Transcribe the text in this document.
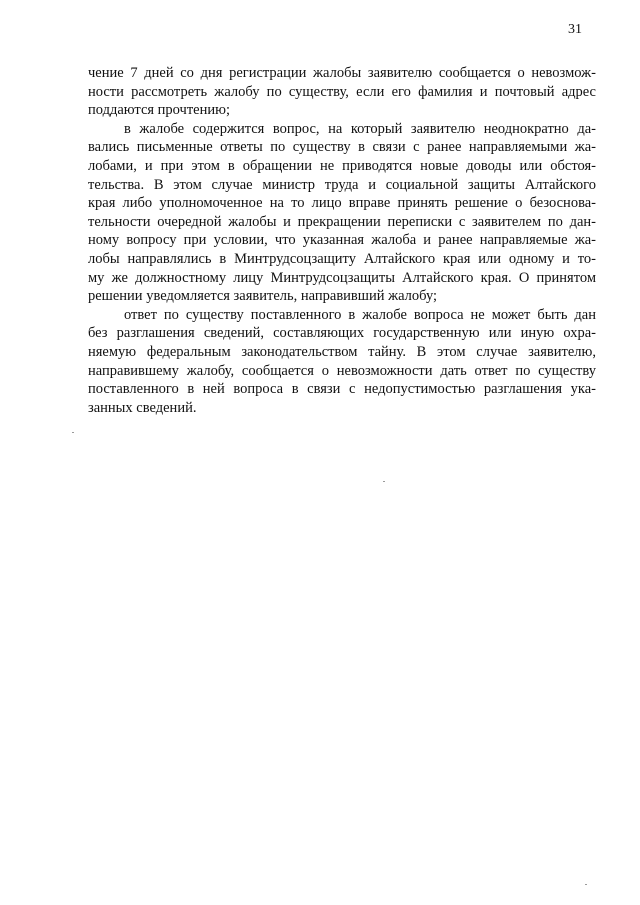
31
чение 7 дней со дня регистрации жалобы заявителю сообщается о невозмож-
ности рассмотреть жалобу по существу, если его фамилия и почтовый адрес
поддаются прочтению;
в жалобе содержится вопрос, на который заявителю неоднократно да-
вались письменные ответы по существу в связи с ранее направляемыми жа-
лобами, и при этом в обращении не приводятся новые доводы или обстоя-
тельства. В этом случае министр труда и социальной защиты Алтайского
края либо уполномоченное на то лицо вправе принять решение о безоснова-
тельности очередной жалобы и прекращении переписки с заявителем по дан-
ному вопросу при условии, что указанная жалоба и ранее направляемые жа-
лобы направлялись в Минтрудсоцзащиту Алтайского края или одному и то-
му же должностному лицу Минтрудсоцзащиты Алтайского края. О принятом
решении уведомляется заявитель, направивший жалобу;
ответ по существу поставленного в жалобе вопроса не может быть дан
без разглашения сведений, составляющих государственную или иную охра-
няемую федеральным законодательством тайну. В этом случае заявителю,
направившему жалобу, сообщается о невозможности дать ответ по существу
поставленного в ней вопроса в связи с недопустимостью разглашения ука-
занных сведений.
